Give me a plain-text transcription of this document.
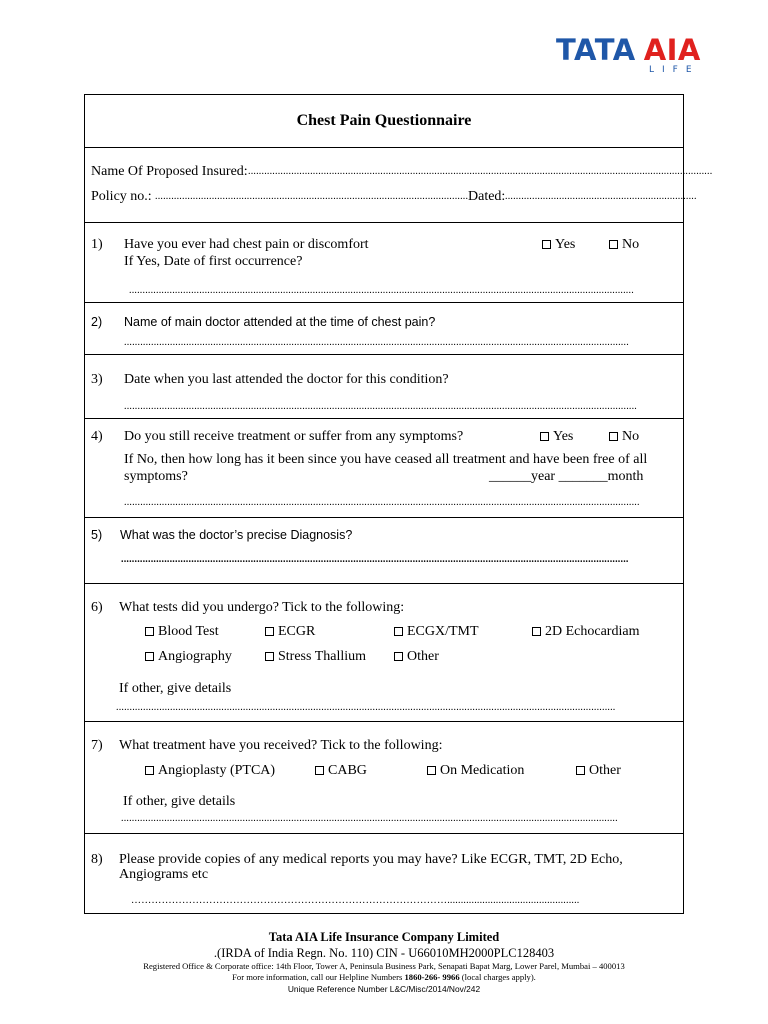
TATA AIA
LIFE
Chest Pain Questionnaire
Name Of Proposed Insured: ............................................................................................................................................................................
Policy no.: .................................................................................................................... Dated: .......................................................................
1) Have you ever had chest pain or discomfort	Yes	No
If Yes, Date of first occurrence?
...........................................................................................................................................................................................
2) Name of main doctor attended at the time of chest pain?
...........................................................................................................................................................................................
3) Date when you last attended the doctor for this condition?
..............................................................................................................................................................................................
4) Do you still receive treatment or suffer from any symptoms?	Yes	No
If No, then how long has it been since you have ceased all treatment and have been free of all
symptoms?	______year _______month
...............................................................................................................................................................................................
5) What was the doctor’s precise Diagnosis?
............................................................................................................................................................................................
6) What tests did you undergo? Tick to the following:
Blood Test	ECGR	ECGX/TMT	2D Echocardiam
Angiography	Stress Thallium	Other
If other, give details
.........................................................................................................................................................................................
7) What treatment have you received? Tick to the following:
Angioplasty (PTCA)	CABG	On Medication	Other
If other, give details
........................................................................................................................................................................................
8) Please provide copies of any medical reports you may have? Like ECGR, TMT, 2D Echo,
Angiograms etc
………………………………………………………………………………….................................................
Tata AIA Life Insurance Company Limited
.(IRDA of India Regn. No. 110) CIN - U66010MH2000PLC128403
Registered Office & Corporate office: 14th Floor, Tower A, Peninsula Business Park, Senapati Bapat Marg, Lower Parel, Mumbai – 400013
For more information, call our Helpline Numbers 1860-266- 9966 (local charges apply).
Unique Reference Number L&C/Misc/2014/Nov/242
